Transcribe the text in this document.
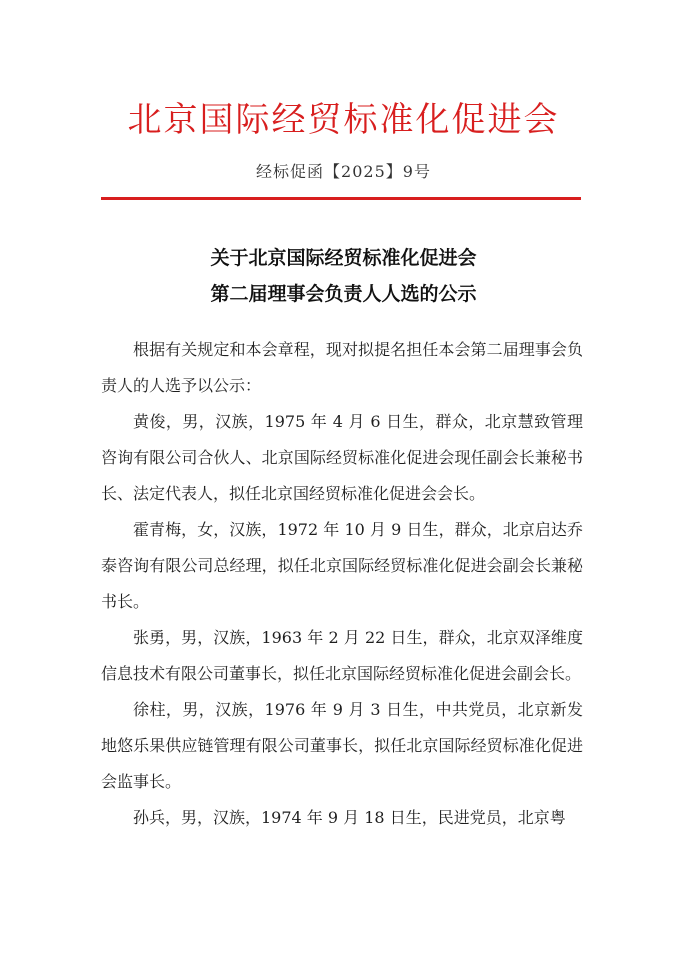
北京国际经贸标准化促进会
经标促函【2025】9号
关于北京国际经贸标准化促进会
第二届理事会负责人人选的公示

根据有关规定和本会章程，现对拟提名担任本会第二届理事会负责人的人选予以公示：

黄俊，男，汉族，1975 年 4 月 6 日生，群众，北京慧致管理咨询有限公司合伙人、北京国际经贸标准化促进会现任副会长兼秘书长、法定代表人，拟任北京国经贸标准化促进会会长。

霍青梅，女，汉族，1972 年 10 月 9 日生，群众，北京启达乔泰咨询有限公司总经理，拟任北京国际经贸标准化促进会副会长兼秘书长。

张勇，男，汉族，1963 年 2 月 22 日生，群众，北京双泽维度信息技术有限公司董事长，拟任北京国际经贸标准化促进会副会长。

徐柱，男，汉族，1976 年 9 月 3 日生，中共党员，北京新发地悠乐果供应链管理有限公司董事长，拟任北京国际经贸标准化促进会监事长。

孙兵，男，汉族，1974 年 9 月 18 日生，民进党员，北京粤
